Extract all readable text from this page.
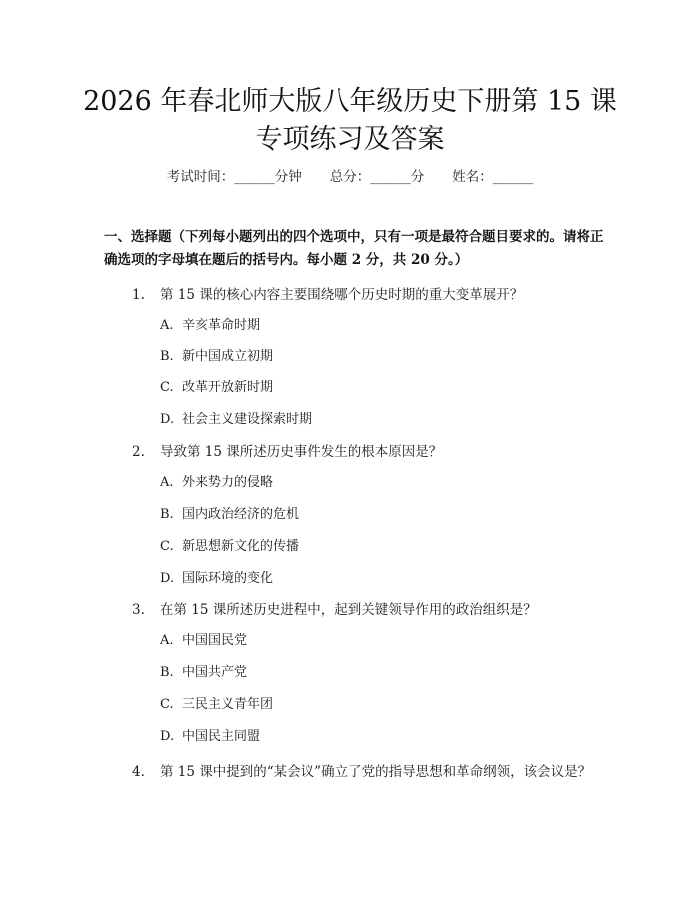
2026 年春北师大版八年级历史下册第 15 课
专项练习及答案
考试时间：______分钟 总分：______分 姓名：______
一、选择题（下列每小题列出的四个选项中，只有一项是最符合题目要求的。请将正确选项的字母填在题后的括号内。每小题 2 分，共 20 分。）
1. 第 15 课的核心内容主要围绕哪个历史时期的重大变革展开？
A. 辛亥革命时期
B. 新中国成立初期
C. 改革开放新时期
D. 社会主义建设探索时期
2. 导致第 15 课所述历史事件发生的根本原因是？
A. 外来势力的侵略
B. 国内政治经济的危机
C. 新思想新文化的传播
D. 国际环境的变化
3. 在第 15 课所述历史进程中，起到关键领导作用的政治组织是？
A. 中国国民党
B. 中国共产党
C. 三民主义青年团
D. 中国民主同盟
4. 第 15 课中提到的“某会议”确立了党的指导思想和革命纲领，该会议是？
